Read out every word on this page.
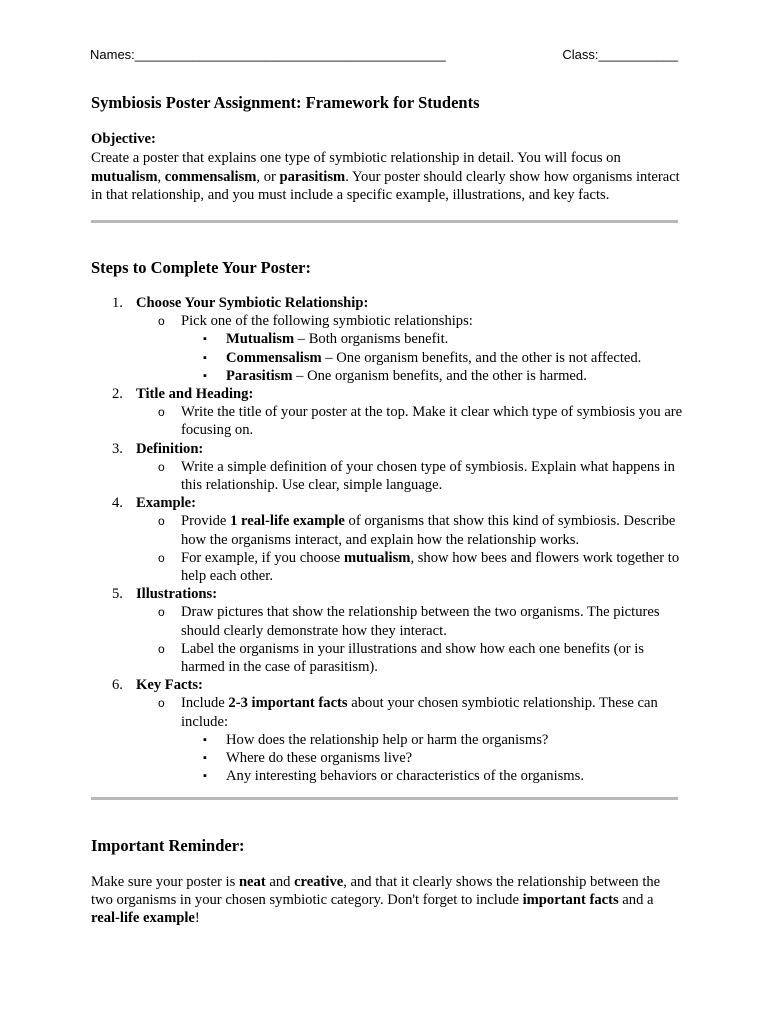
Names:___________________________________________	Class:___________
Symbiosis Poster Assignment: Framework for Students
Objective:
Create a poster that explains one type of symbiotic relationship in detail. You will focus on mutualism, commensalism, or parasitism. Your poster should clearly show how organisms interact in that relationship, and you must include a specific example, illustrations, and key facts.
Steps to Complete Your Poster:
1. Choose Your Symbiotic Relationship:
o Pick one of the following symbiotic relationships:
▪ Mutualism – Both organisms benefit.
▪ Commensalism – One organism benefits, and the other is not affected.
▪ Parasitism – One organism benefits, and the other is harmed.
2. Title and Heading:
o Write the title of your poster at the top. Make it clear which type of symbiosis you are focusing on.
3. Definition:
o Write a simple definition of your chosen type of symbiosis. Explain what happens in this relationship. Use clear, simple language.
4. Example:
o Provide 1 real-life example of organisms that show this kind of symbiosis. Describe how the organisms interact, and explain how the relationship works.
o For example, if you choose mutualism, show how bees and flowers work together to help each other.
5. Illustrations:
o Draw pictures that show the relationship between the two organisms. The pictures should clearly demonstrate how they interact.
o Label the organisms in your illustrations and show how each one benefits (or is harmed in the case of parasitism).
6. Key Facts:
o Include 2-3 important facts about your chosen symbiotic relationship. These can include:
▪ How does the relationship help or harm the organisms?
▪ Where do these organisms live?
▪ Any interesting behaviors or characteristics of the organisms.
Important Reminder:
Make sure your poster is neat and creative, and that it clearly shows the relationship between the two organisms in your chosen symbiotic category. Don't forget to include important facts and a real-life example!
